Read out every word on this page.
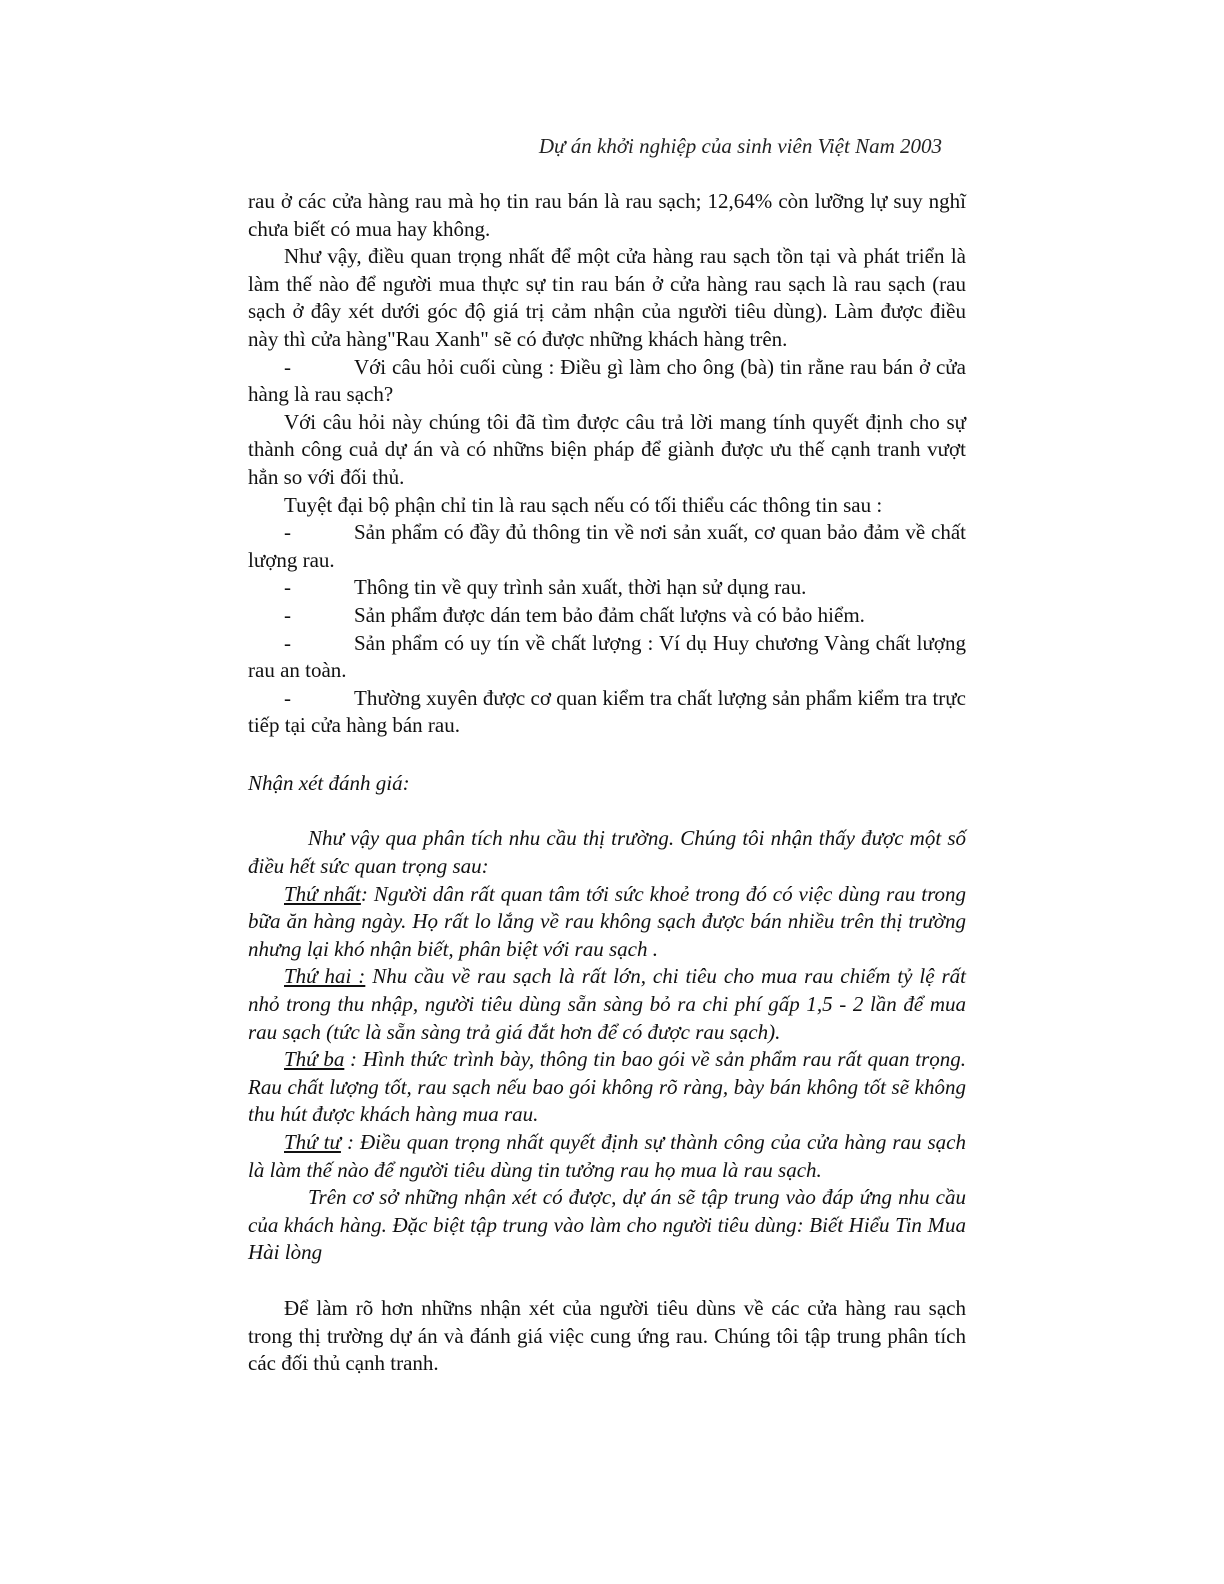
Dự án khởi nghiệp của sinh viên Việt Nam 2003

rau ở các cửa hàng rau mà họ tin rau bán là rau sạch; 12,64% còn lưỡng lự suy nghĩ chưa biết có mua hay không.

Như vậy, điều quan trọng nhất để một cửa hàng rau sạch tồn tại và phát triển là làm thế nào để người mua thực sự tin rau bán ở cửa hàng rau sạch là rau sạch (rau sạch ở đây xét dưới góc độ giá trị cảm nhận của người tiêu dùng). Làm được điều này thì cửa hàng"Rau Xanh" sẽ có được những khách hàng trên.

-	Với câu hỏi cuối cùng : Điều gì làm cho ông (bà) tin rằne rau bán ở cửa hàng là rau sạch?

Với câu hỏi này chúng tôi đã tìm được câu trả lời mang tính quyết định cho sự thành công cuả dự án và có nhữns biện pháp để giành được ưu thế cạnh tranh vượt hẳn so với đối thủ.

Tuyệt đại bộ phận chỉ tin là rau sạch nếu có tối thiểu các thông tin sau :

-	Sản phẩm có đầy đủ thông tin về nơi sản xuất, cơ quan bảo đảm về chất lượng rau.

-	Thông tin về quy trình sản xuất, thời hạn sử dụng rau.

-	Sản phẩm được dán tem bảo đảm chất lượns và có bảo hiểm.

-	Sản phẩm có uy tín về chất lượng : Ví dụ Huy chương Vàng chất lượng rau an toàn.

-	Thường xuyên được cơ quan kiểm tra chất lượng sản phẩm kiểm tra trực tiếp tại cửa hàng bán rau.

Nhận xét đánh giá:

Như vậy qua phân tích nhu cầu thị trường. Chúng tôi nhận thấy được một số điều hết sức quan trọng sau:

Thứ nhất: Người dân rất quan tâm tới sức khoẻ trong đó có việc dùng rau trong bữa ăn hàng ngày. Họ rất lo lắng về rau không sạch được bán nhiều trên thị trường nhưng lại khó nhận biết, phân biệt với rau sạch .

Thứ hai : Nhu cầu về rau sạch là rất lớn, chi tiêu cho mua rau chiếm tỷ lệ rất nhỏ trong thu nhập, người tiêu dùng sẵn sàng bỏ ra chi phí gấp 1,5 - 2 lần để mua rau sạch (tức là sẵn sàng trả giá đắt hơn để có được rau sạch).

Thứ ba : Hình thức trình bày, thông tin bao gói về sản phẩm rau rất quan trọng. Rau chất lượng tốt, rau sạch nếu bao gói không rõ ràng, bày bán không tốt sẽ không thu hút được khách hàng mua rau.

Thứ tư : Điều quan trọng nhất quyết định sự thành công của cửa hàng rau sạch là làm thế nào để người tiêu dùng tin tưởng rau họ mua là rau sạch.

Trên cơ sở những nhận xét có được, dự án sẽ tập trung vào đáp ứng nhu cầu của khách hàng. Đặc biệt tập trung vào làm cho người tiêu dùng: Biết Hiểu Tin Mua Hài lòng

Để làm rõ hơn nhữns nhận xét của người tiêu dùns về các cửa hàng rau sạch trong thị trường dự án và đánh giá việc cung ứng rau. Chúng tôi tập trung phân tích các đối thủ cạnh tranh.
